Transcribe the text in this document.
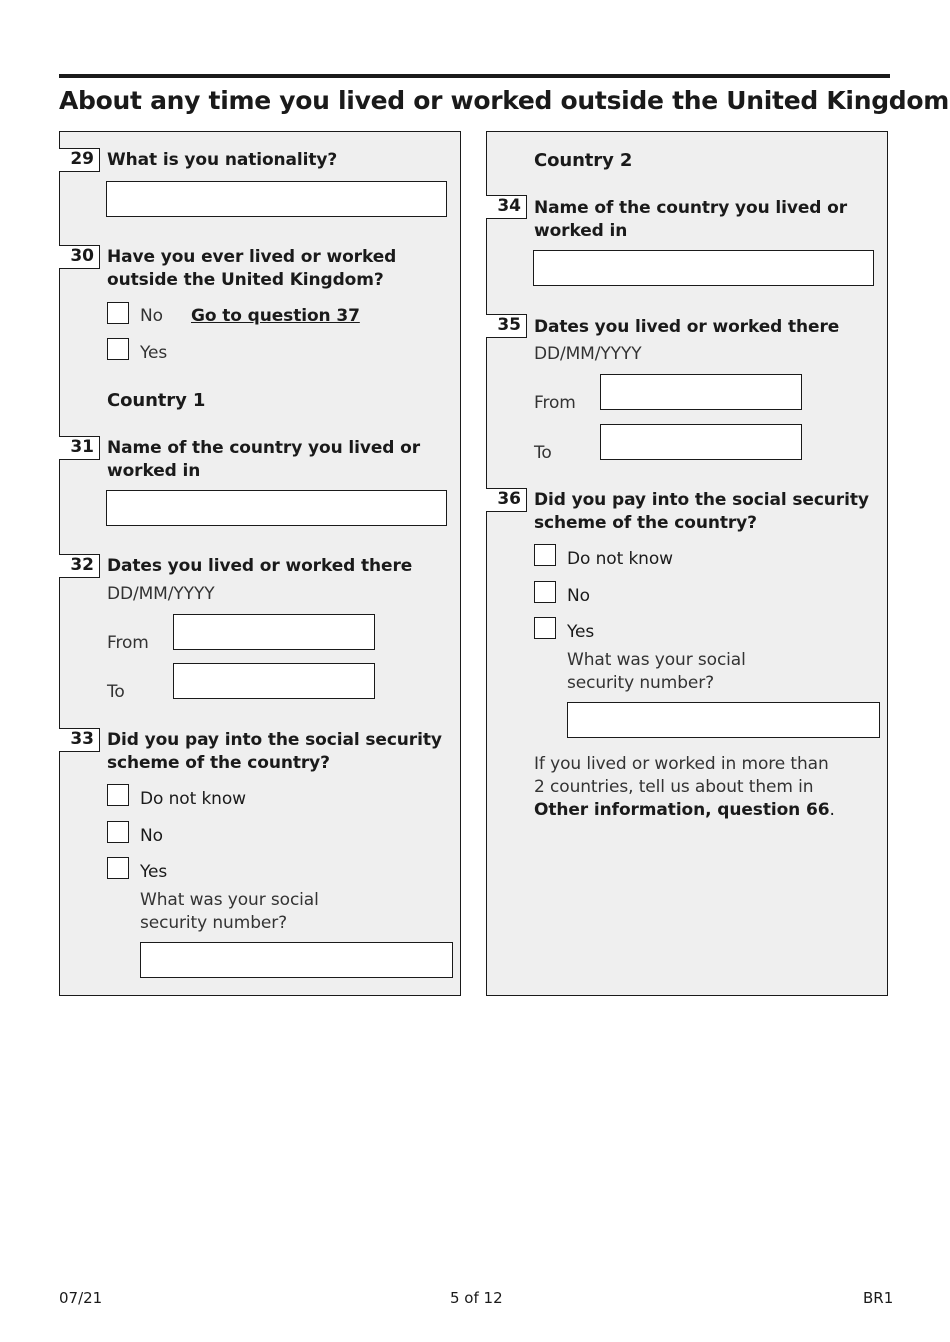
About any time you lived or worked outside the United Kingdom
29 What is you nationality?
30 Have you ever lived or worked outside the United Kingdom?
No Go to question 37
Yes
Country 1
31 Name of the country you lived or worked in
32 Dates you lived or worked there
DD/MM/YYYY
From
To
33 Did you pay into the social security scheme of the country?
Do not know
No
Yes
What was your social
security number?
Country 2
34 Name of the country you lived or worked in
35 Dates you lived or worked there
DD/MM/YYYY
From
To
36 Did you pay into the social security scheme of the country?
Do not know
No
Yes
What was your social
security number?
If you lived or worked in more than
2 countries, tell us about them in
Other information, question 66.
07/21	5 of 12	BR1
